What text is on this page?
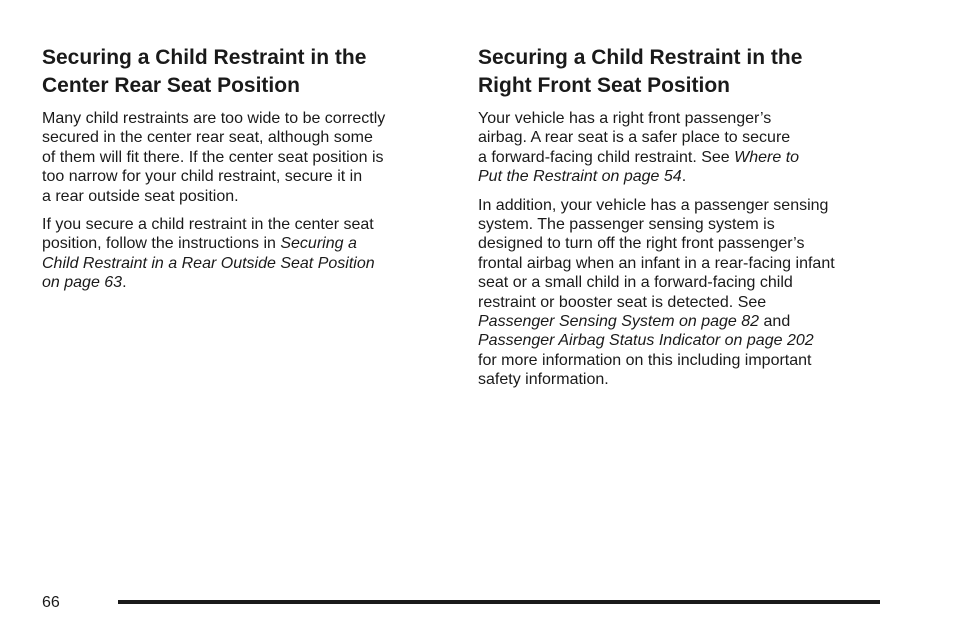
Securing a Child Restraint in the
Center Rear Seat Position

Many child restraints are too wide to be correctly
secured in the center rear seat, although some
of them will fit there. If the center seat position is
too narrow for your child restraint, secure it in
a rear outside seat position.

If you secure a child restraint in the center seat
position, follow the instructions in Securing a
Child Restraint in a Rear Outside Seat Position
on page 63.

Securing a Child Restraint in the
Right Front Seat Position

Your vehicle has a right front passenger’s
airbag. A rear seat is a safer place to secure
a forward-facing child restraint. See Where to
Put the Restraint on page 54.

In addition, your vehicle has a passenger sensing
system. The passenger sensing system is
designed to turn off the right front passenger’s
frontal airbag when an infant in a rear-facing infant
seat or a small child in a forward-facing child
restraint or booster seat is detected. See
Passenger Sensing System on page 82 and
Passenger Airbag Status Indicator on page 202
for more information on this including important
safety information.

66
